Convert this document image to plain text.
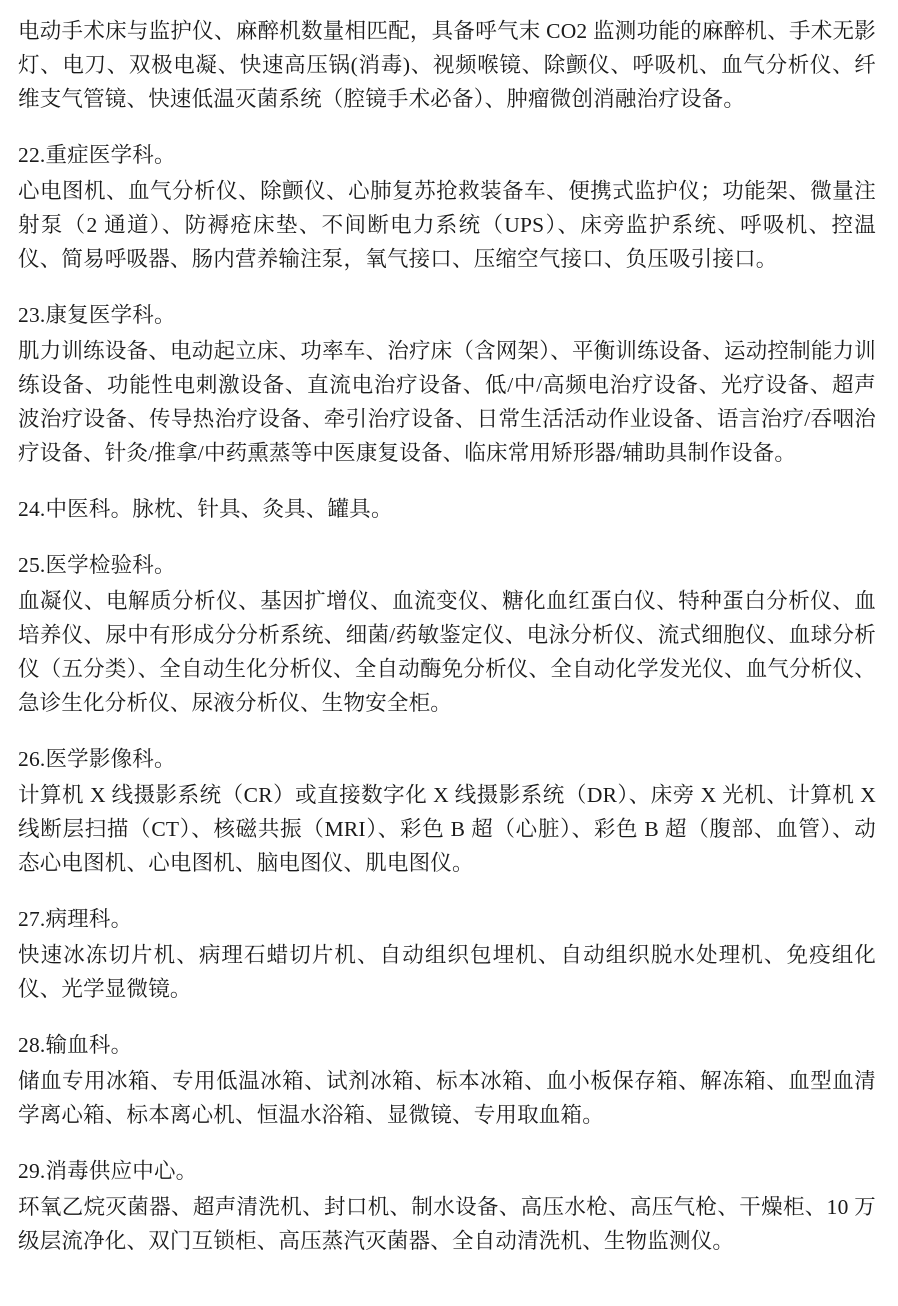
电动手术床与监护仪、麻醉机数量相匹配，具备呼气末 CO2 监测功能的麻醉机、手术无影灯、电刀、双极电凝、快速高压锅(消毒)、视频喉镜、除颤仪、呼吸机、血气分析仪、纤维支气管镜、快速低温灭菌系统（腔镜手术必备）、肿瘤微创消融治疗设备。

22.重症医学科。

心电图机、血气分析仪、除颤仪、心肺复苏抢救装备车、便携式监护仪；功能架、微量注射泵（2 通道）、防褥疮床垫、不间断电力系统（UPS）、床旁监护系统、呼吸机、控温仪、简易呼吸器、肠内营养输注泵，氧气接口、压缩空气接口、负压吸引接口。

23.康复医学科。

肌力训练设备、电动起立床、功率车、治疗床（含网架）、平衡训练设备、运动控制能力训练设备、功能性电刺激设备、直流电治疗设备、低/中/高频电治疗设备、光疗设备、超声波治疗设备、传导热治疗设备、牵引治疗设备、日常生活活动作业设备、语言治疗/吞咽治疗设备、针灸/推拿/中药熏蒸等中医康复设备、临床常用矫形器/辅助具制作设备。

24.中医科。脉枕、针具、灸具、罐具。

25.医学检验科。

血凝仪、电解质分析仪、基因扩增仪、血流变仪、糖化血红蛋白仪、特种蛋白分析仪、血培养仪、尿中有形成分分析系统、细菌/药敏鉴定仪、电泳分析仪、流式细胞仪、血球分析仪（五分类）、全自动生化分析仪、全自动酶免分析仪、全自动化学发光仪、血气分析仪、急诊生化分析仪、尿液分析仪、生物安全柜。

26.医学影像科。

计算机 X 线摄影系统（CR）或直接数字化 X 线摄影系统（DR）、床旁 X 光机、计算机 X 线断层扫描（CT）、核磁共振（MRI）、彩色 B 超（心脏）、彩色 B 超（腹部、血管）、动态心电图机、心电图机、脑电图仪、肌电图仪。

27.病理科。

快速冰冻切片机、病理石蜡切片机、自动组织包埋机、自动组织脱水处理机、免疫组化仪、光学显微镜。

28.输血科。

储血专用冰箱、专用低温冰箱、试剂冰箱、标本冰箱、血小板保存箱、解冻箱、血型血清学离心箱、标本离心机、恒温水浴箱、显微镜、专用取血箱。

29.消毒供应中心。

环氧乙烷灭菌器、超声清洗机、封口机、制水设备、高压水枪、高压气枪、干燥柜、10 万级层流净化、双门互锁柜、高压蒸汽灭菌器、全自动清洗机、生物监测仪。
